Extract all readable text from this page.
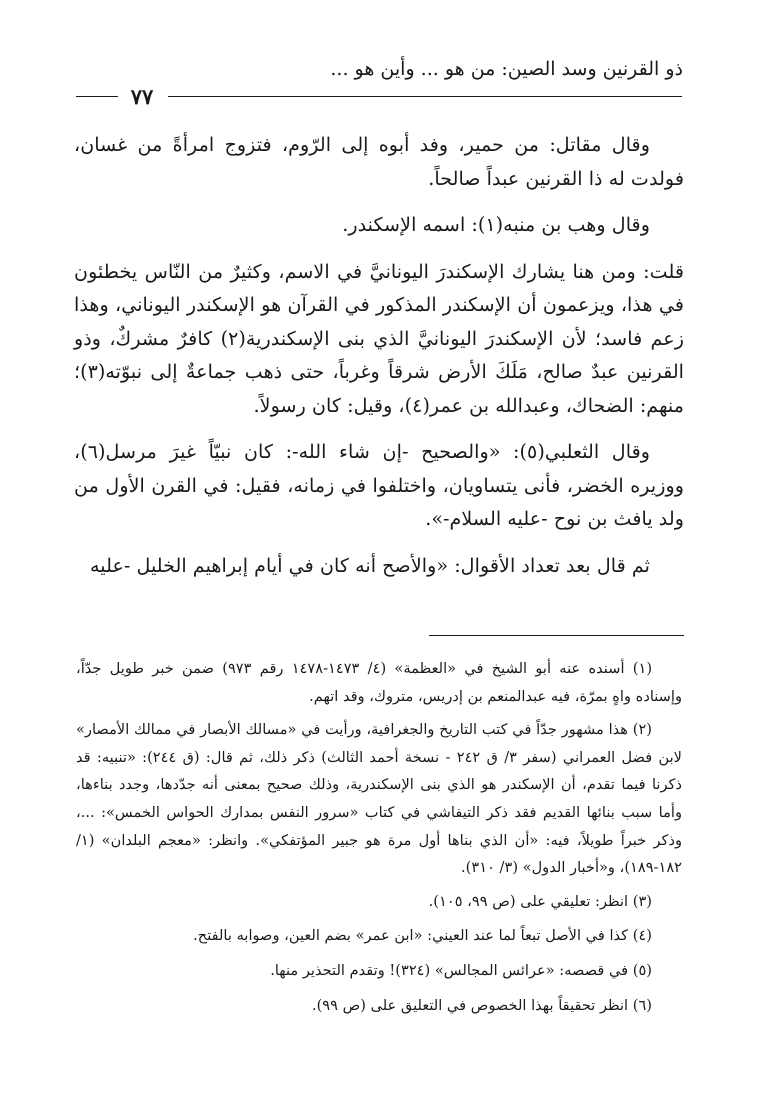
ذو القرنين وسد الصين: من هو ... وأين هو ...
٧٧

وقال مقاتل: من حمير، وفد أبوه إلى الرّوم، فتزوج امرأةً من غسان، فولدت له ذا القرنين عبداً صالحاً.

وقال وهب بن منبه(١): اسمه الإسكندر.

قلت: ومن هنا يشارك الإسكندرَ اليونانيَّ في الاسم، وكثيرٌ من النّاس يخطئون في هذا، ويزعمون أن الإسكندر المذكور في القرآن هو الإسكندر اليوناني، وهذا زعم فاسد؛ لأن الإسكندرَ اليونانيَّ الذي بنى الإسكندرية(٢) كافرٌ مشركٌ، وذو القرنين عبدٌ صالح، مَلَكَ الأرض شرقاً وغرباً، حتى ذهب جماعةٌ إلى نبوّته(٣)؛ منهم: الضحاك، وعبدالله بن عمر(٤)، وقيل: كان رسولاً.

وقال الثعلبي(٥): «والصحيح -إن شاء الله-: كان نبيّاً غيرَ مرسل(٦)، ووزيره الخضر، فأنى يتساويان، واختلفوا في زمانه، فقيل: في القرن الأول من ولد يافث بن نوح -عليه السلام-».

ثم قال بعد تعداد الأقوال: «والأصح أنه كان في أيام إبراهيم الخليل -عليه

(١) أسنده عنه أبو الشيخ في «العظمة» (٤/ ١٤٧٣-١٤٧٨ رقم ٩٧٣) ضمن خبر طويل جدّاً، وإسناده واهٍ بمرّة، فيه عبدالمنعم بن إدريس، متروك، وقد اتهم.

(٢) هذا مشهور جدّاً في كتب التاريخ والجغرافية، ورأيت في «مسالك الأبصار في ممالك الأمصار» لابن فضل العمراني (سفر ٣/ ق ٢٤٢ - نسخة أحمد الثالث) ذكر ذلك، ثم قال: (ق ٢٤٤): «تنبيه: قد ذكرنا فيما تقدم، أن الإسكندر هو الذي بنى الإسكندرية، وذلك صحيح بمعنى أنه جدّدها، وجدد بناءها، وأما سبب بنائها القديم فقد ذكر التيفاشي في كتاب «سرور النفس بمدارك الحواس الخمس»: ...، وذكر خبراً طويلاً، فيه: «أن الذي بناها أول مرة هو جبير المؤتفكي». وانظر: «معجم البلدان» (١/ ١٨٢-١٨٩)، و«أخبار الدول» (٣/ ٣١٠).

(٣) انظر: تعليقي على (ص ٩٩، ١٠٥).

(٤) كذا في الأصل تبعاً لما عند العيني: «ابن عمر» بضم العين، وصوابه بالفتح.

(٥) في قصصه: «عرائس المجالس» (٣٢٤)! وتقدم التحذير منها.

(٦) انظر تحقيقاً بهذا الخصوص في التعليق على (ص ٩٩).
